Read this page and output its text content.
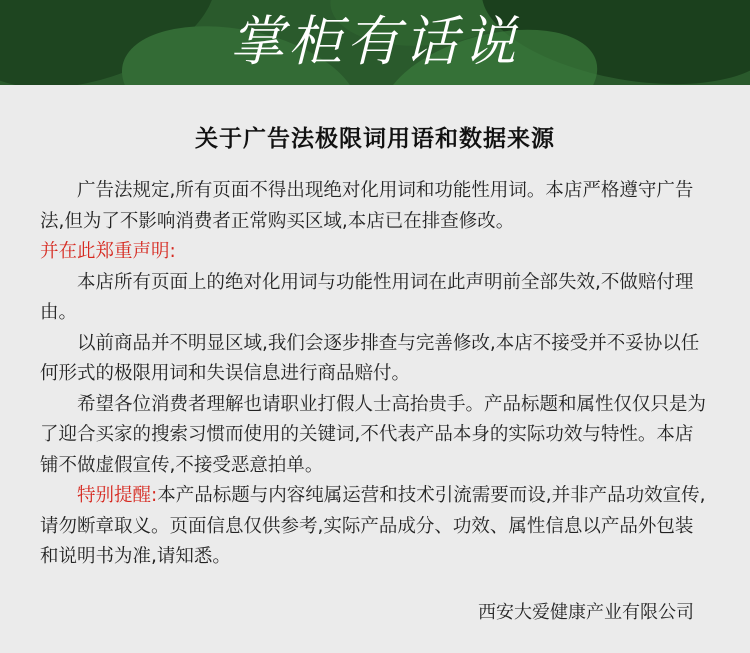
掌柜有话说
关于广告法极限词用语和数据来源

广告法规定,所有页面不得出现绝对化用词和功能性用词。本店严格遵守广告法,但为了不影响消费者正常购买区域,本店已在排查修改。

并在此郑重声明:

本店所有页面上的绝对化用词与功能性用词在此声明前全部失效,不做赔付理由。

以前商品并不明显区域,我们会逐步排查与完善修改,本店不接受并不妥协以任何形式的极限用词和失误信息进行商品赔付。

希望各位消费者理解也请职业打假人士高抬贵手。产品标题和属性仅仅只是为了迎合买家的搜索习惯而使用的关键词,不代表产品本身的实际功效与特性。本店铺不做虚假宣传,不接受恶意拍单。

特别提醒:本产品标题与内容纯属运营和技术引流需要而设,并非产品功效宣传,请勿断章取义。页面信息仅供参考,实际产品成分、功效、属性信息以产品外包装和说明书为准,请知悉。

西安大爱健康产业有限公司
